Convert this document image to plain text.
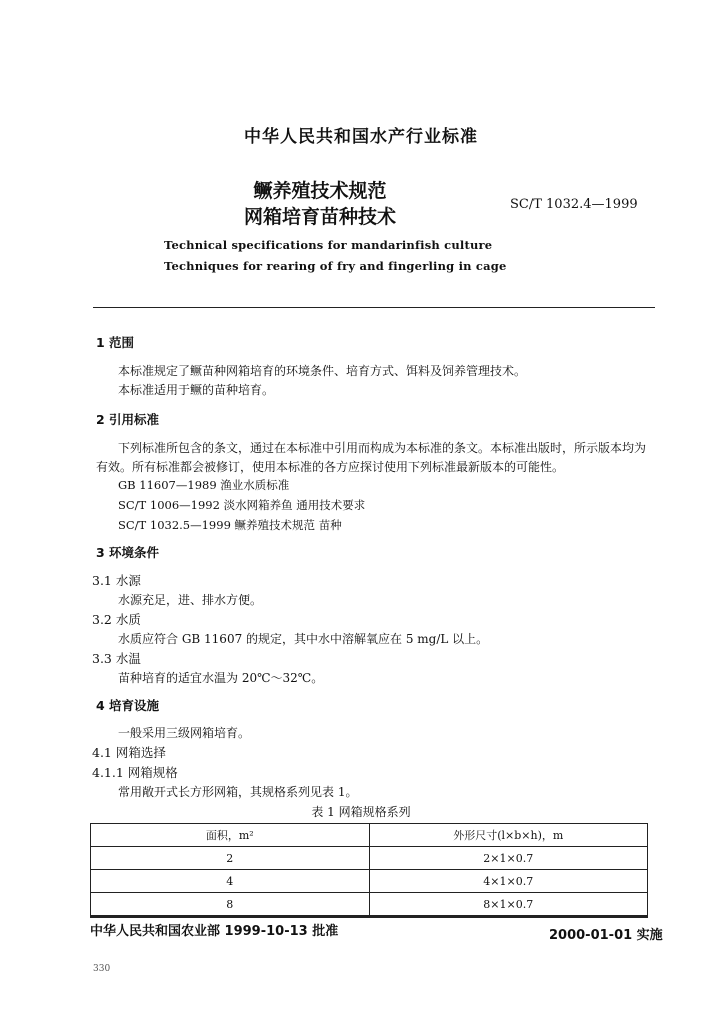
中华人民共和国水产行业标准
鳜养殖技术规范
网箱培育苗种技术
SC/T 1032.4—1999
Technical specifications for mandarinfish culture
Techniques for rearing of fry and fingerling in cage
1 范围
本标准规定了鳜苗种网箱培育的环境条件、培育方式、饵料及饲养管理技术。
本标准适用于鳜的苗种培育。
2 引用标准
下列标准所包含的条文，通过在本标准中引用而构成为本标准的条文。本标准出版时，所示版本均为有效。所有标准都会被修订，使用本标准的各方应探讨使用下列标准最新版本的可能性。
GB 11607—1989 渔业水质标准
SC/T 1006—1992 淡水网箱养鱼 通用技术要求
SC/T 1032.5—1999 鳜养殖技术规范 苗种
3 环境条件
3.1 水源
水源充足，进、排水方便。
3.2 水质
水质应符合 GB 11607 的规定，其中水中溶解氧应在 5 mg/L 以上。
3.3 水温
苗种培育的适宜水温为 20℃～32℃。
4 培育设施
一般采用三级网箱培育。
4.1 网箱选择
4.1.1 网箱规格
常用敞开式长方形网箱，其规格系列见表 1。
表 1 网箱规格系列
面积，m²	外形尺寸(l×b×h)，m
2	2×1×0.7
4	4×1×0.7
8	8×1×0.7
中华人民共和国农业部 1999-10-13 批准	2000-01-01 实施
330
